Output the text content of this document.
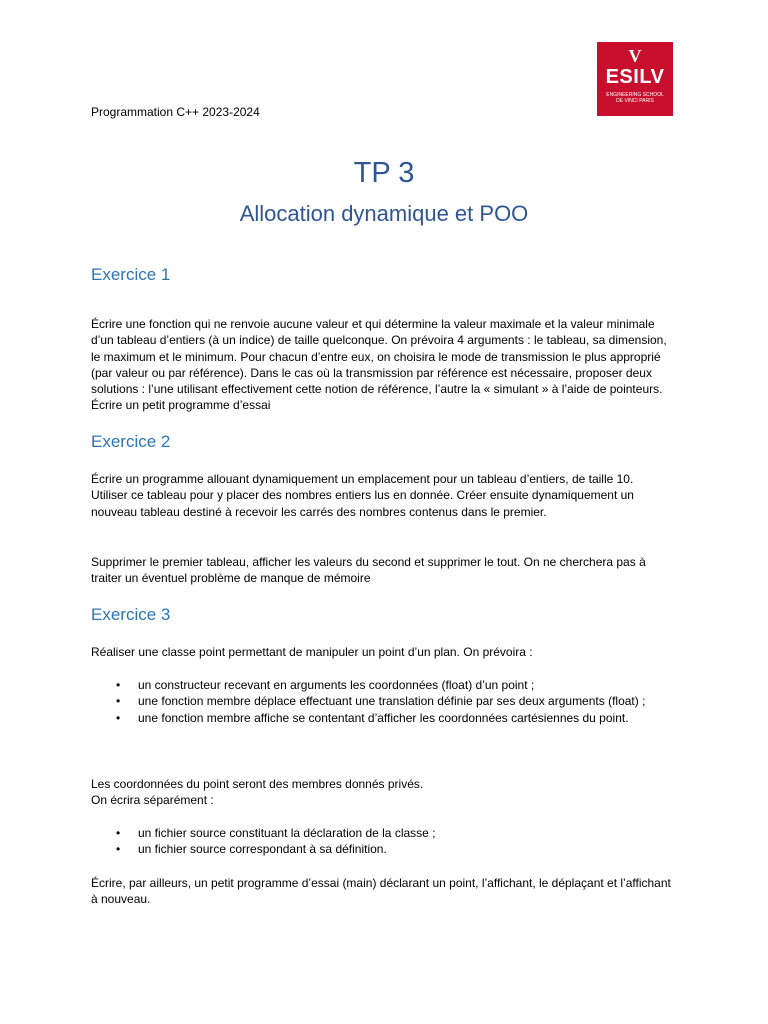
V
ESILV
ENGINEERING SCHOOL DE VINCI PARIS
Programmation C++ 2023-2024
TP 3
Allocation dynamique et POO
Exercice 1

Écrire une fonction qui ne renvoie aucune valeur et qui détermine la valeur maximale et la valeur minimale d’un tableau d’entiers (à un indice) de taille quelconque. On prévoira 4 arguments : le tableau, sa dimension, le maximum et le minimum. Pour chacun d’entre eux, on choisira le mode de transmission le plus approprié (par valeur ou par référence). Dans le cas où la transmission par référence est nécessaire, proposer deux solutions : l’une utilisant effectivement cette notion de référence, l’autre la « simulant » à l’aide de pointeurs. Écrire un petit programme d’essai

Exercice 2

Écrire un programme allouant dynamiquement un emplacement pour un tableau d’entiers, de taille 10. Utiliser ce tableau pour y placer des nombres entiers lus en donnée. Créer ensuite dynamiquement un nouveau tableau destiné à recevoir les carrés des nombres contenus dans le premier.

Supprimer le premier tableau, afficher les valeurs du second et supprimer le tout. On ne cherchera pas à traiter un éventuel problème de manque de mémoire

Exercice 3

Réaliser une classe point permettant de manipuler un point d’un plan. On prévoira :

• un constructeur recevant en arguments les coordonnées (float) d’un point ;
• une fonction membre déplace effectuant une translation définie par ses deux arguments (float) ;
• une fonction membre affiche se contentant d’afficher les coordonnées cartésiennes du point.

Les coordonnées du point seront des membres donnés privés.

On écrira séparément :

• un fichier source constituant la déclaration de la classe ;
• un fichier source correspondant à sa définition.

Écrire, par ailleurs, un petit programme d’essai (main) déclarant un point, l’affichant, le déplaçant et l’affichant à nouveau.
